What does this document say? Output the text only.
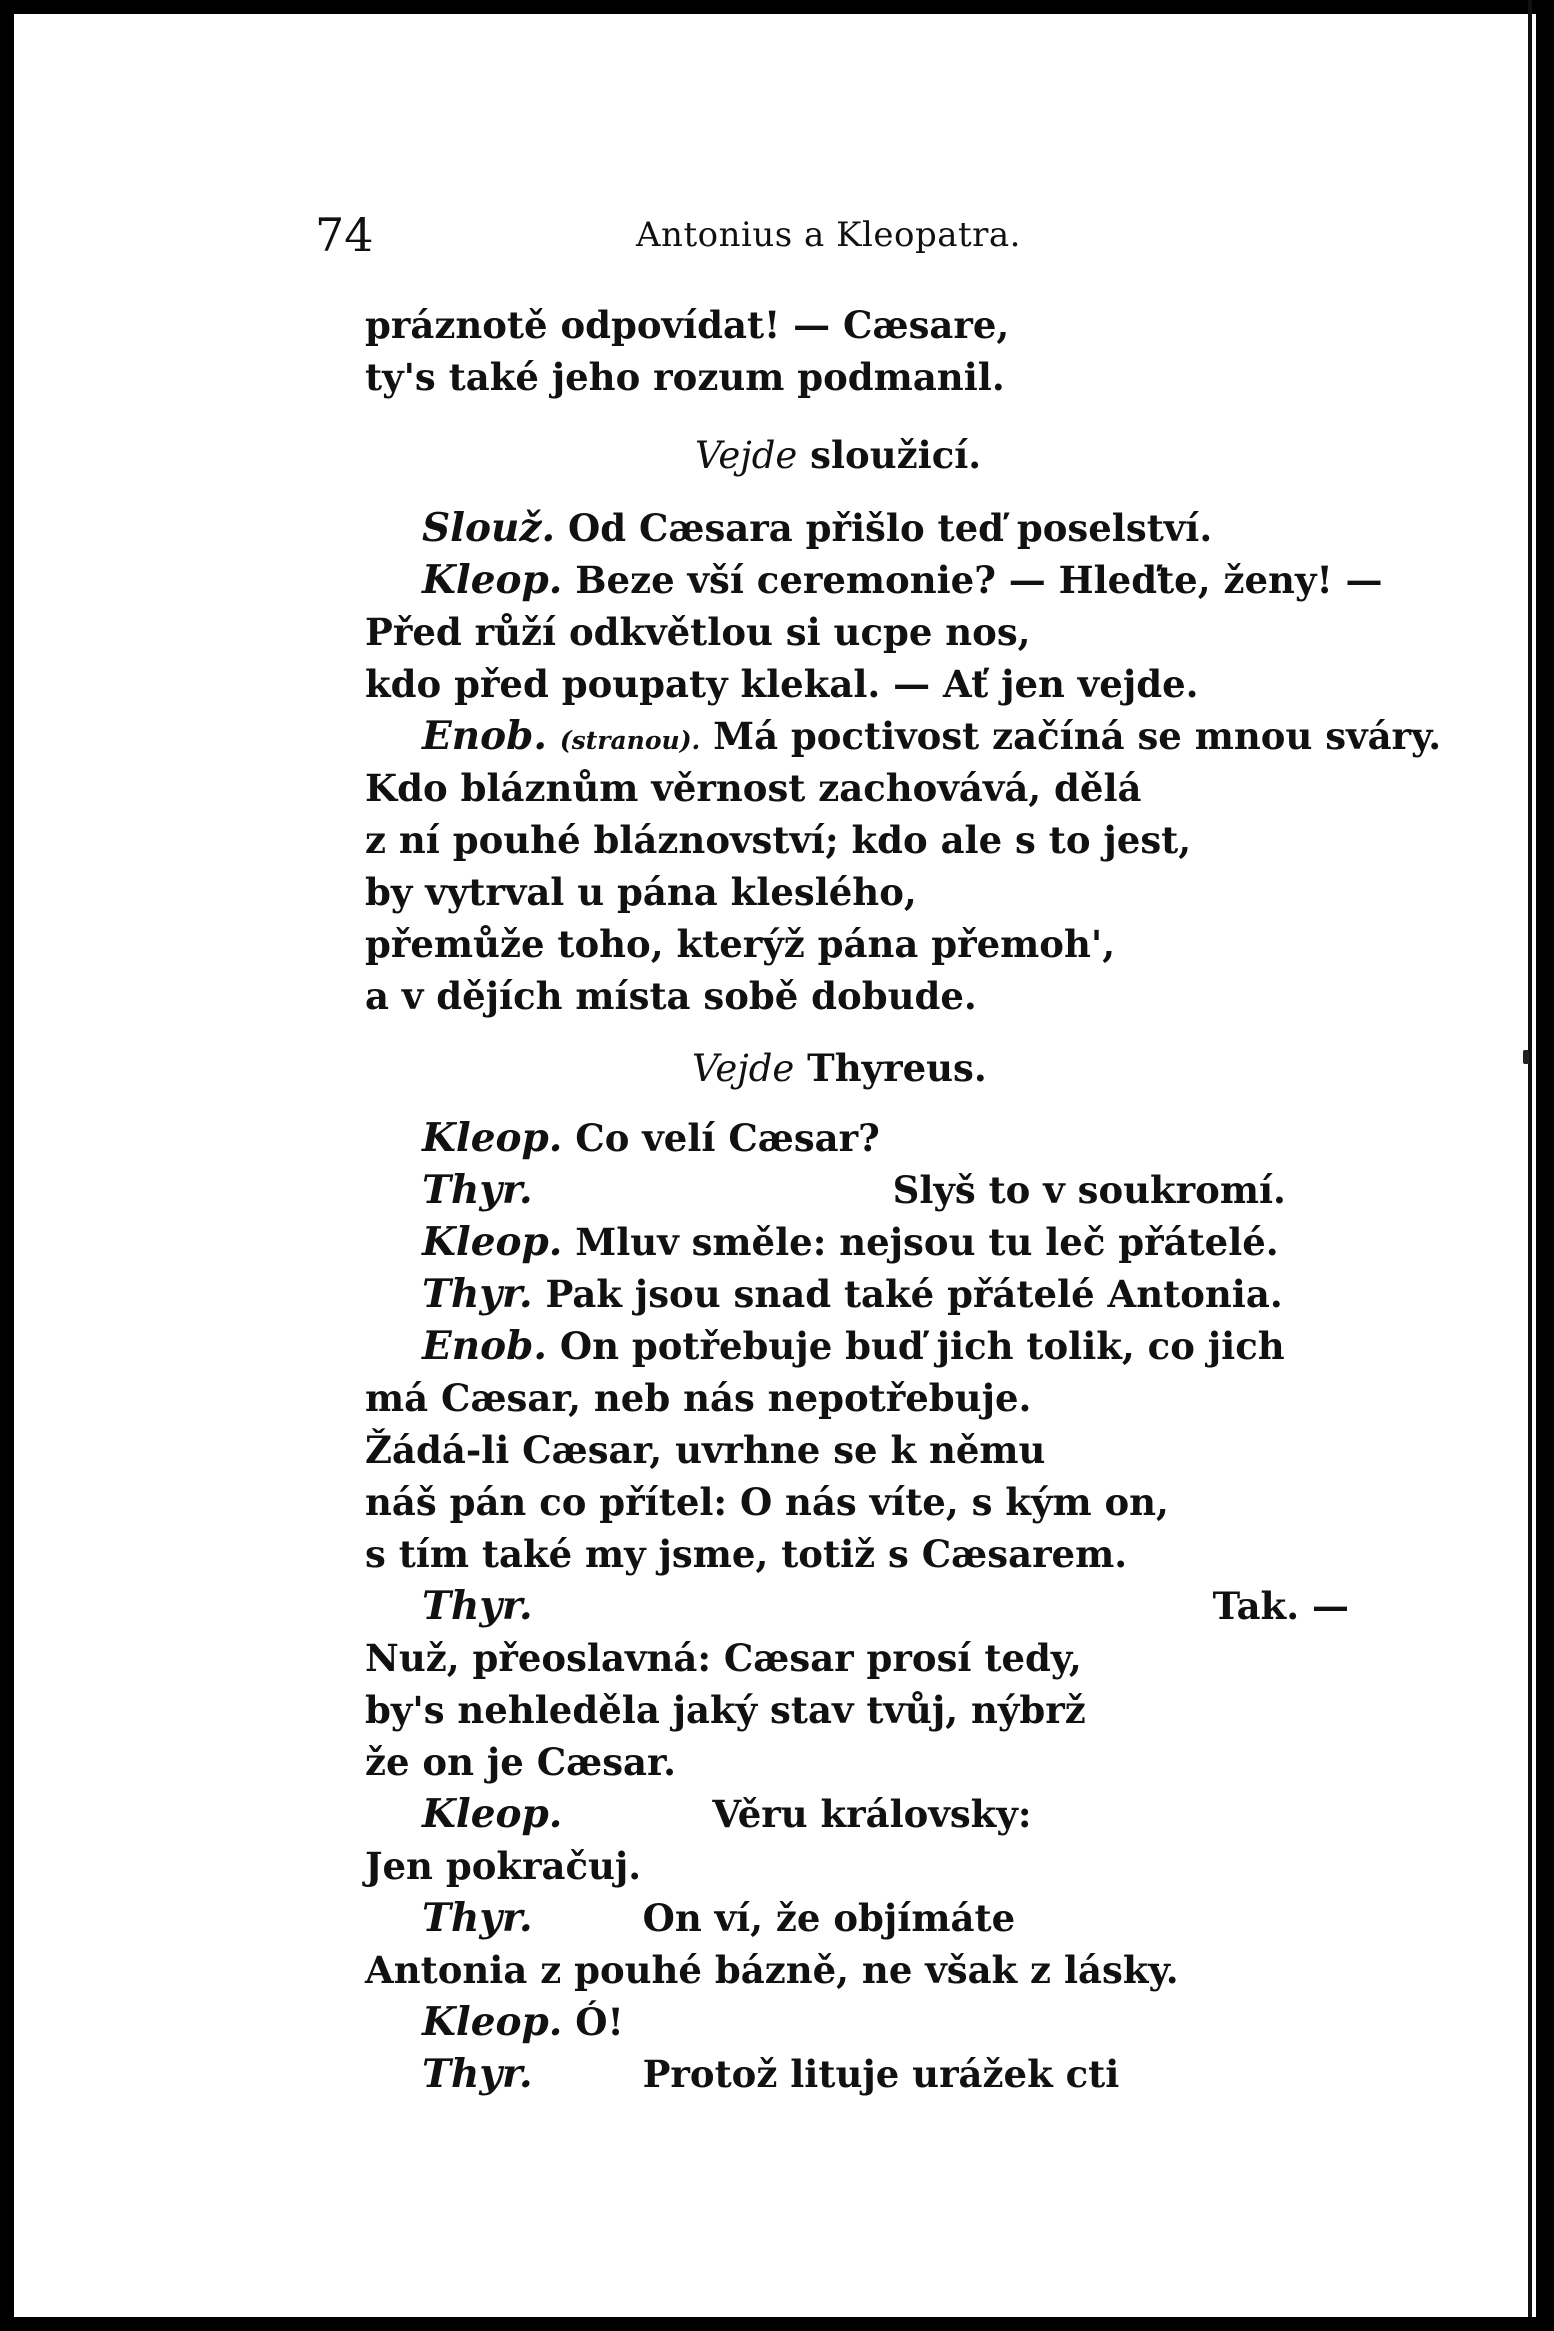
74	Antonius a Kleopatra.
práznotě odpovídat! — Cæsare,
ty's také jeho rozum podmanil.
Vejde sloužicí.
Slouž. Od Cæsara přišlo teď poselství.
Kleop. Beze vší ceremonie? — Hleďte, ženy! —
Před růží odkvětlou si ucpe nos,
kdo před poupaty klekal. — Ať jen vejde.
Enob. (stranou). Má poctivost začíná se mnou sváry.
Kdo bláznům věrnost zachovává, dělá
z ní pouhé bláznovství; kdo ale s to jest,
by vytrval u pána kleslého,
přemůže toho, kterýž pána přemoh',
a v dějích místa sobě dobude.
Vejde Thyreus.
Kleop. Co velí Cæsar?
Thyr.	Slyš to v soukromí.
Kleop. Mluv směle: nejsou tu leč přátelé.
Thyr. Pak jsou snad také přátelé Antonia.
Enob. On potřebuje buď jich tolik, co jich
má Cæsar, neb nás nepotřebuje.
Žádá-li Cæsar, uvrhne se k němu
náš pán co přítel: O nás víte, s kým on,
s tím také my jsme, totiž s Cæsarem.
Thyr.	Tak. —
Nuž, přeoslavná: Cæsar prosí tedy,
by's nehleděla jaký stav tvůj, nýbrž
že on je Cæsar.
Kleop.	Věru královsky:
Jen pokračuj.
Thyr.	On ví, že objímáte
Antonia z pouhé bázně, ne však z lásky.
Kleop. Ó!
Thyr.	Protož lituje urážek cti
